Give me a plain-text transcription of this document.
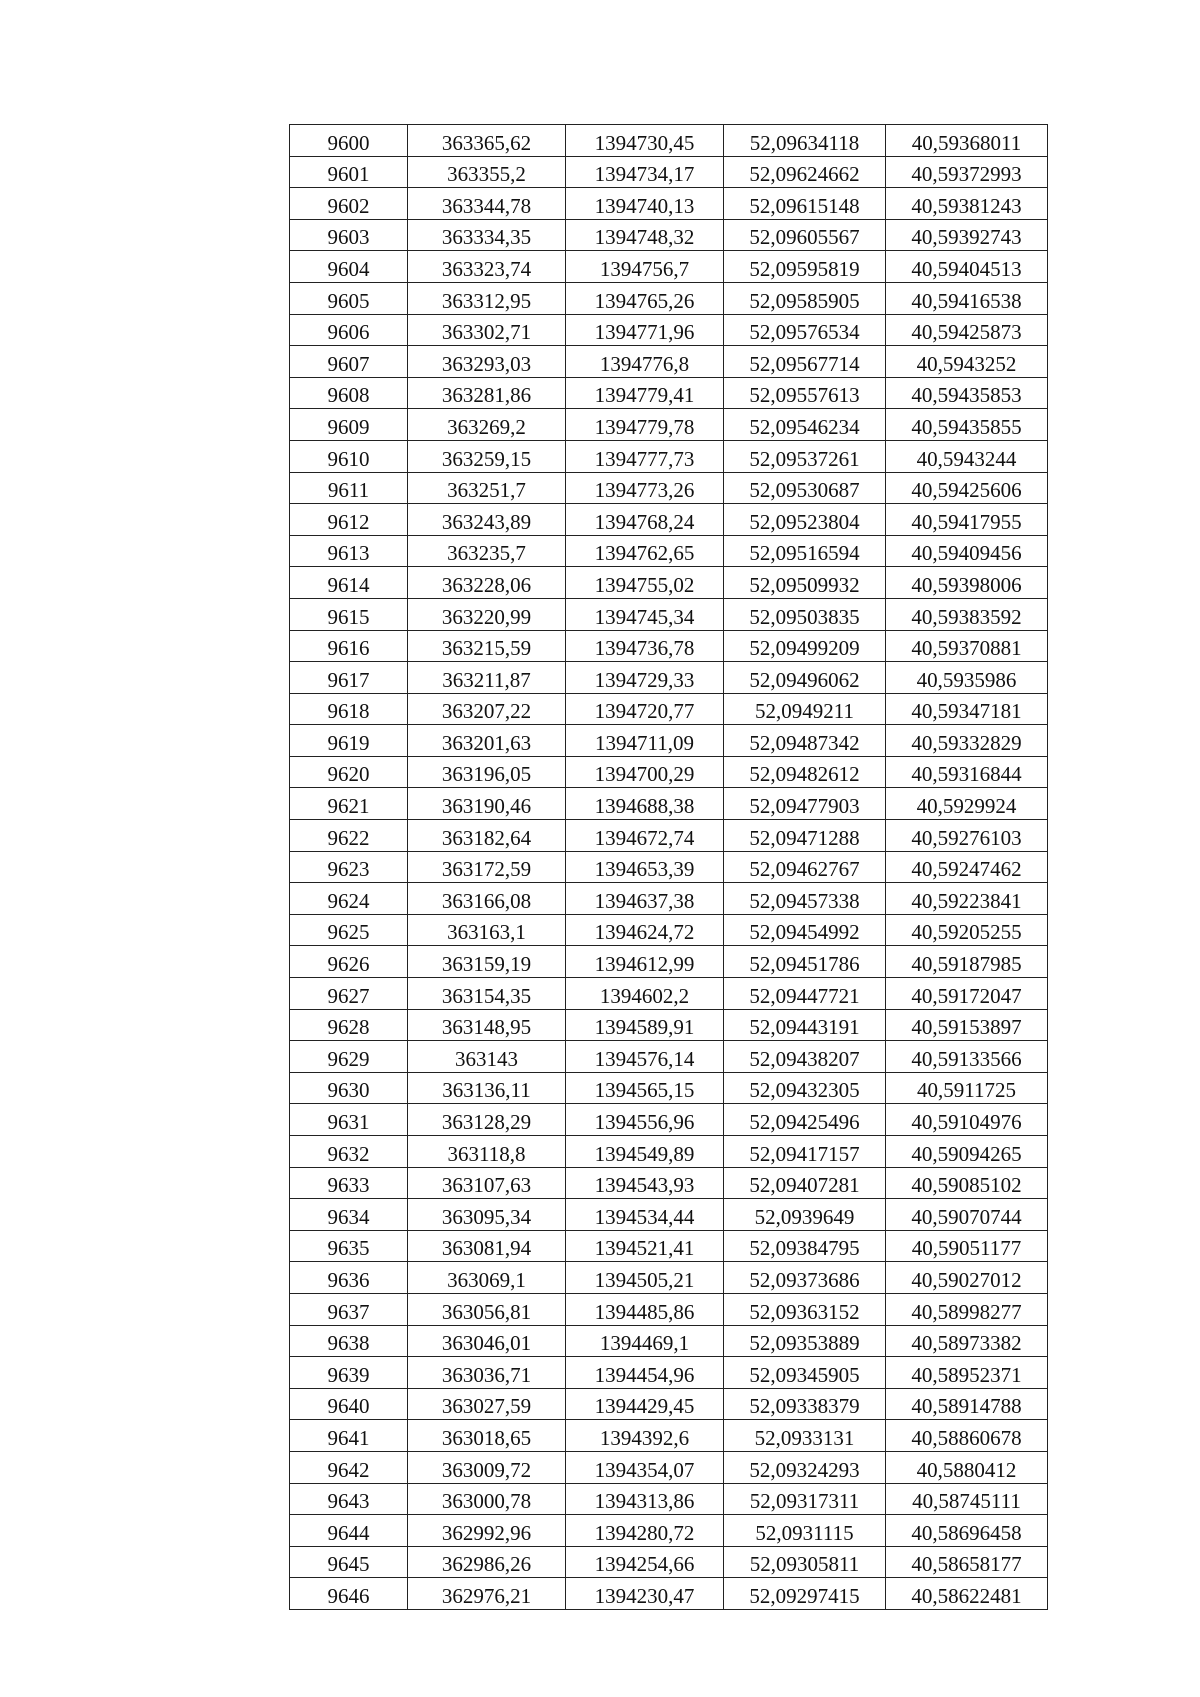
9600	363365,62	1394730,45	52,09634118	40,59368011
9601	363355,2	1394734,17	52,09624662	40,59372993
9602	363344,78	1394740,13	52,09615148	40,59381243
9603	363334,35	1394748,32	52,09605567	40,59392743
9604	363323,74	1394756,7	52,09595819	40,59404513
9605	363312,95	1394765,26	52,09585905	40,59416538
9606	363302,71	1394771,96	52,09576534	40,59425873
9607	363293,03	1394776,8	52,09567714	40,5943252
9608	363281,86	1394779,41	52,09557613	40,59435853
9609	363269,2	1394779,78	52,09546234	40,59435855
9610	363259,15	1394777,73	52,09537261	40,5943244
9611	363251,7	1394773,26	52,09530687	40,59425606
9612	363243,89	1394768,24	52,09523804	40,59417955
9613	363235,7	1394762,65	52,09516594	40,59409456
9614	363228,06	1394755,02	52,09509932	40,59398006
9615	363220,99	1394745,34	52,09503835	40,59383592
9616	363215,59	1394736,78	52,09499209	40,59370881
9617	363211,87	1394729,33	52,09496062	40,5935986
9618	363207,22	1394720,77	52,0949211	40,59347181
9619	363201,63	1394711,09	52,09487342	40,59332829
9620	363196,05	1394700,29	52,09482612	40,59316844
9621	363190,46	1394688,38	52,09477903	40,5929924
9622	363182,64	1394672,74	52,09471288	40,59276103
9623	363172,59	1394653,39	52,09462767	40,59247462
9624	363166,08	1394637,38	52,09457338	40,59223841
9625	363163,1	1394624,72	52,09454992	40,59205255
9626	363159,19	1394612,99	52,09451786	40,59187985
9627	363154,35	1394602,2	52,09447721	40,59172047
9628	363148,95	1394589,91	52,09443191	40,59153897
9629	363143	1394576,14	52,09438207	40,59133566
9630	363136,11	1394565,15	52,09432305	40,5911725
9631	363128,29	1394556,96	52,09425496	40,59104976
9632	363118,8	1394549,89	52,09417157	40,59094265
9633	363107,63	1394543,93	52,09407281	40,59085102
9634	363095,34	1394534,44	52,0939649	40,59070744
9635	363081,94	1394521,41	52,09384795	40,59051177
9636	363069,1	1394505,21	52,09373686	40,59027012
9637	363056,81	1394485,86	52,09363152	40,58998277
9638	363046,01	1394469,1	52,09353889	40,58973382
9639	363036,71	1394454,96	52,09345905	40,58952371
9640	363027,59	1394429,45	52,09338379	40,58914788
9641	363018,65	1394392,6	52,0933131	40,58860678
9642	363009,72	1394354,07	52,09324293	40,5880412
9643	363000,78	1394313,86	52,09317311	40,58745111
9644	362992,96	1394280,72	52,0931115	40,58696458
9645	362986,26	1394254,66	52,09305811	40,58658177
9646	362976,21	1394230,47	52,09297415	40,58622481
